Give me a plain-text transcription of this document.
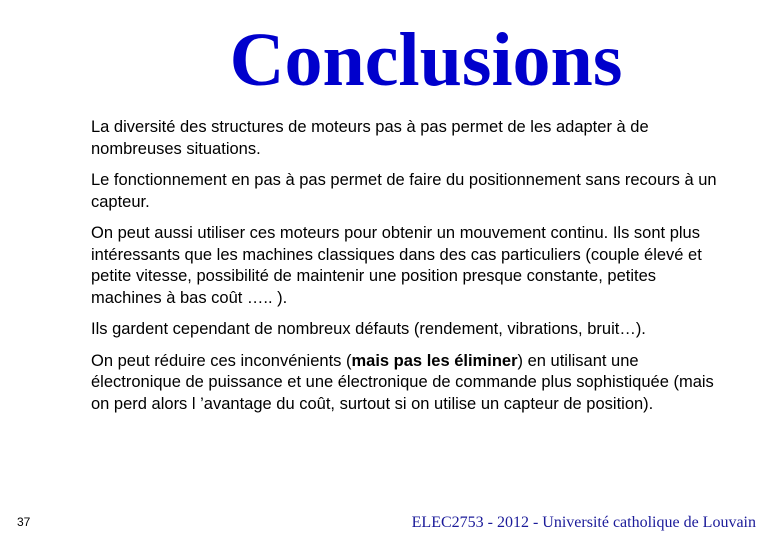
Conclusions

La diversité des structures de moteurs pas à pas permet de les adapter à de nombreuses situations.

Le fonctionnement en pas à pas permet de faire du positionnement sans recours à un capteur.

On peut aussi utiliser ces moteurs pour obtenir un mouvement continu. Ils sont plus intéressants que les machines classiques dans des cas particuliers (couple élevé et petite vitesse, possibilité de maintenir une position presque constante, petites machines à bas coût ….. ).

Ils gardent cependant de nombreux défauts (rendement, vibrations, bruit…).

On peut réduire ces inconvénients (mais pas les éliminer) en utilisant une électronique de puissance et une électronique de commande plus sophistiquée (mais on perd alors l ’avantage du coût, surtout si on utilise un capteur de position).

37	ELEC2753 - 2012 - Université catholique de Louvain
